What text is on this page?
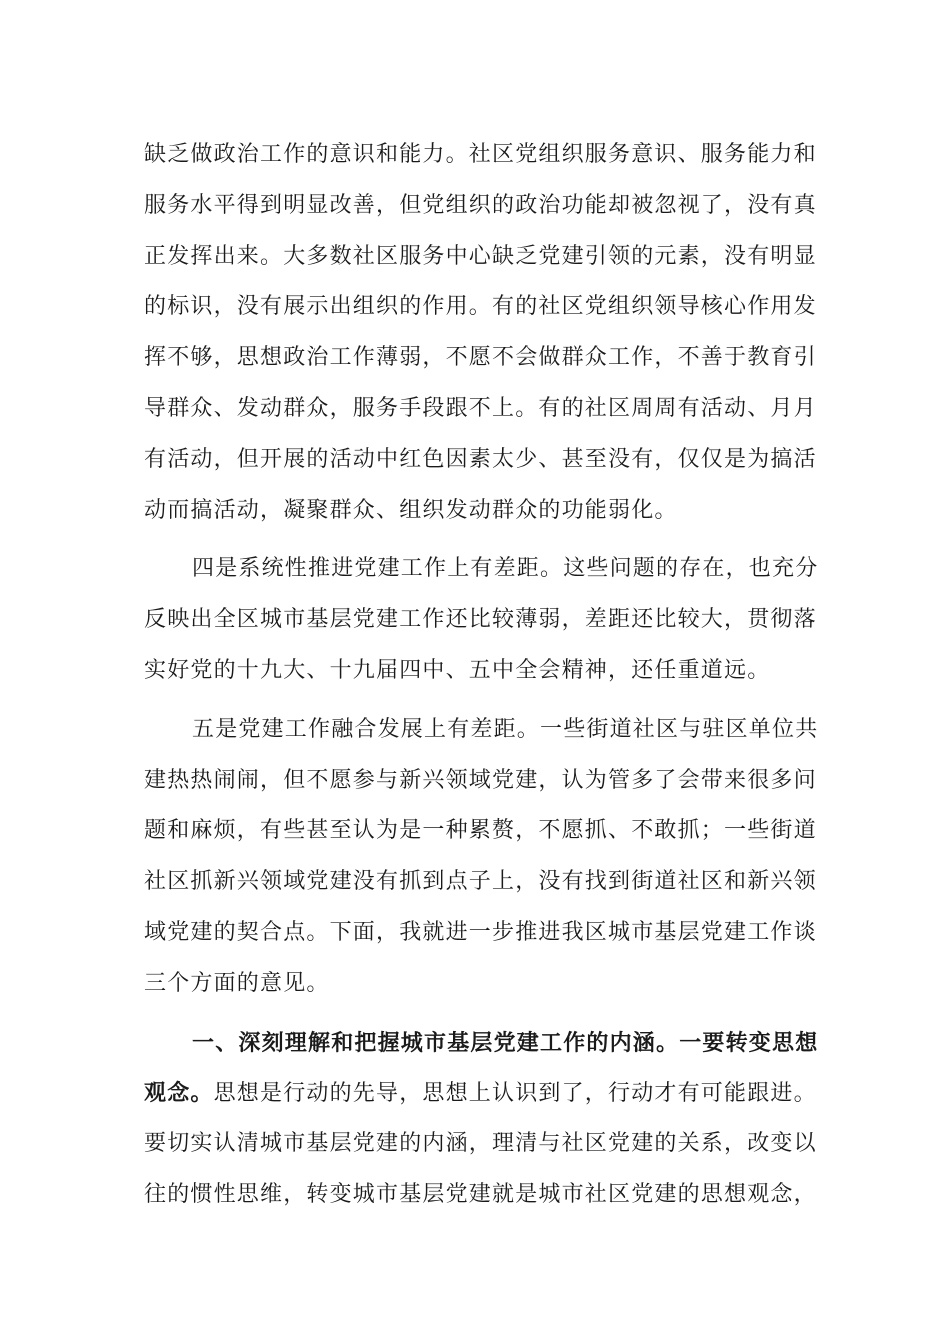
缺乏做政治工作的意识和能力。社区党组织服务意识、服务能力和
服务水平得到明显改善，但党组织的政治功能却被忽视了，没有真
正发挥出来。大多数社区服务中心缺乏党建引领的元素，没有明显
的标识，没有展示出组织的作用。有的社区党组织领导核心作用发
挥不够，思想政治工作薄弱，不愿不会做群众工作，不善于教育引
导群众、发动群众，服务手段跟不上。有的社区周周有活动、月月
有活动，但开展的活动中红色因素太少、甚至没有，仅仅是为搞活
动而搞活动，凝聚群众、组织发动群众的功能弱化。
四是系统性推进党建工作上有差距。这些问题的存在，也充分
反映出全区城市基层党建工作还比较薄弱，差距还比较大，贯彻落
实好党的十九大、十九届四中、五中全会精神，还任重道远。
五是党建工作融合发展上有差距。一些街道社区与驻区单位共
建热热闹闹，但不愿参与新兴领域党建，认为管多了会带来很多问
题和麻烦，有些甚至认为是一种累赘，不愿抓、不敢抓；一些街道
社区抓新兴领域党建没有抓到点子上，没有找到街道社区和新兴领
域党建的契合点。下面，我就进一步推进我区城市基层党建工作谈
三个方面的意见。
一、深刻理解和把握城市基层党建工作的内涵。一要转变思想
观念。思想是行动的先导，思想上认识到了，行动才有可能跟进。
要切实认清城市基层党建的内涵，理清与社区党建的关系，改变以
往的惯性思维，转变城市基层党建就是城市社区党建的思想观念，
